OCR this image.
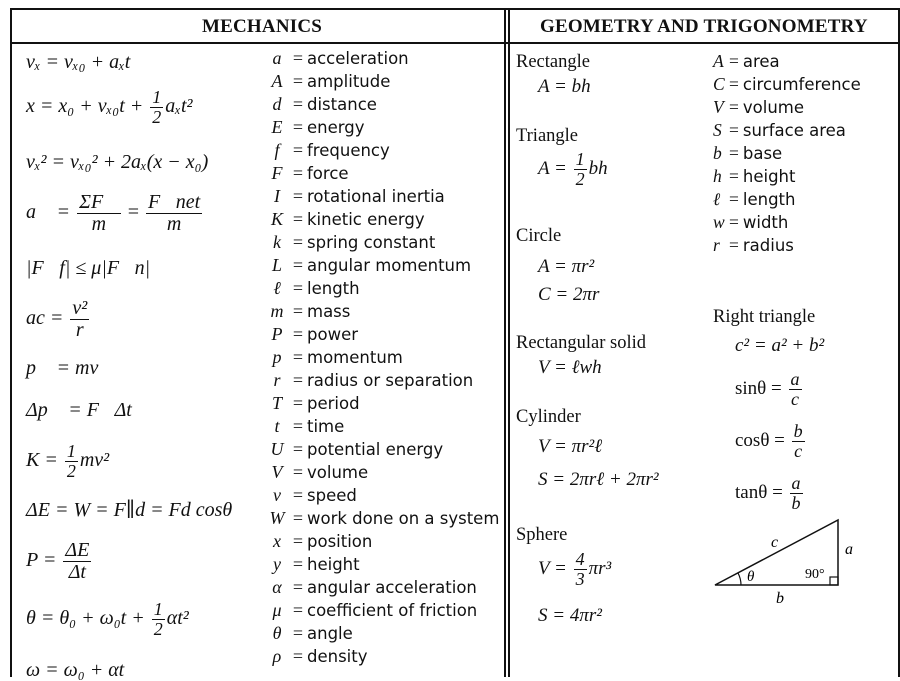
MECHANICS	GEOMETRY AND TRIGONOMETRY
vₓ = vₓ₀ + aₓt
$x = x_0 + v_{x0}t + \frac{1}{2} a_xt^2$
vₓ² = vₓ₀² + 2aₓ(x − x₀)
a⃗ = $\frac{\Sigma F⃗}{m} = \frac{\text{F⃗net}}{m}$
|F⃗f| ≤ μ|F⃗n|
ac = $\frac{\text{v²}}{r}$
p⃗ = mv⃗
Δp⃗ = F⃗Δt
$K = \frac{1}{2} mv^2$
ΔE = W = F∥d = Fd cosθ
$P = \frac{\Delta E}{\Delta t}$
$\theta = \theta_0 + \omega_0t + \frac{1}{2} \alpha t^2$
ω = ω₀ + αt
a = acceleration
A = amplitude
d = distance
E = energy
f = frequency
F = force
I = rotational inertia
K = kinetic energy
k = spring constant
L = angular momentum
ℓ = length
m = mass
P = power
p = momentum
r = radius or separation
T = period
t = time
U = potential energy
V = volume
v = speed
W = work done on a system
x = position
y = height
α = angular acceleration
μ = coefficient of friction
θ = angle
ρ = density
Rectangle
A = bh
Triangle
$A = \frac{1}{2}$ bh
Circle
A = πr²
C = 2πr
Rectangular solid
V = ℓwh
Cylinder
V = πr²ℓ
S = 2πrℓ + 2πr²
Sphere
$V = \frac{4}{3} \pi r^3$
S = 4πr²
A = area
C = circumference
V = volume
S = surface area
b = base
h = height
ℓ = length
w = width
r = radius
Right triangle
c² = a² + b²
$\sin\theta = \frac{a}{c}$
$\cos\theta = \frac{b}{c}$
$\tan\theta = \frac{a}{b}$
c	a
b
θ	90°
